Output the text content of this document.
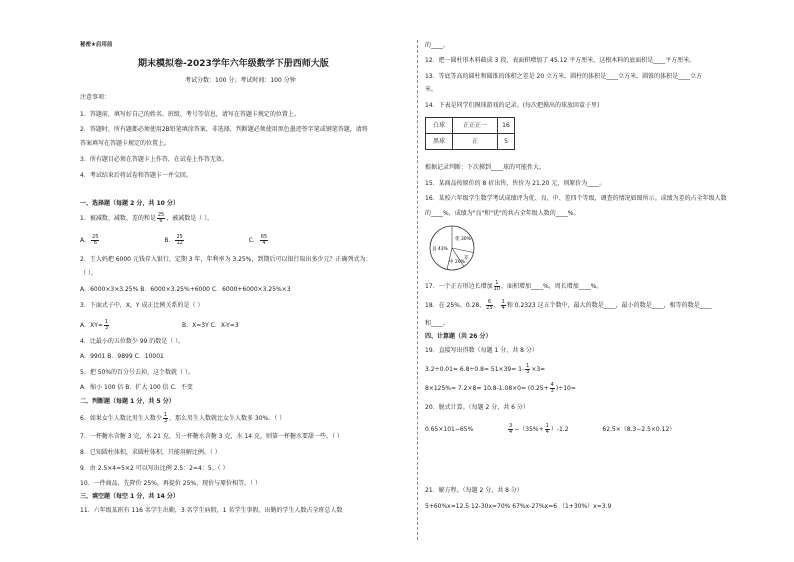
秘密★启用前
期末模拟卷-2023学年六年级数学下册西师大版
考试分数：100 分；考试时间：100 分钟
注意事项：
1．答题前，填写好自己的姓名、班级、考号等信息，请写在答题卡规定的位置上。
2．答题时，所有题都必须使用2B铅笔填涂答案，非选择，判断题必须使用黑色墨迹签字笔或钢笔答题，请将
答案填写在答题卡规定的位置上。
3．所有题目必须在答题卡上作答，在试卷上作答无效。
4．考试结束后将试卷和答题卡一并交回。
一、选择题（每题 2 分，共 10 分）
1．被减数、减数、差的和是 $\frac{25}{6}$ ，被减数是（ ）。
A． $\frac{25}{6}$	B． $\frac{25}{12}$	C． $\frac{65}{4}$
2．王大妈把 6000 元钱存入银行，定期 3 年，年利率为 3.25%，到期后可以银行取出多少元？正确列式为：
（ ）。
A．6000×3×3.25% B．6000×3.25%+6000 C．6000+6000×3.25%×3
3．下面式子中，X，Y 成正比例关系的是（ ）
A．$XY= \frac{1}{3}$	B．X=3Y C．X-Y=3
4．比最小的五位数少 99 的数是（ ）。
A．9901 B．9899 C．10001
5．把 50%的百分号去掉，这个数就（ ）。
A．缩小 100 倍 B．扩大 100 倍 C．不变
二、判断题（每题 1 分，共 5 分）
6．如果女生人数比男生人数少 $\frac{1}{3}$ ，那么男生人数就比女生人数多 30%。（ ）
7．一杯糖水含糖 3 克，水 21 克，另一杯糖水含糖 3 克，水 14 克，则第一杯糖水要甜一些。（ ）
8．已知圆柱体积，求圆柱体积，只能用解比例。（ ）
9．由 2.5×4=5×2 可以写出比例 2.5：2=4：5。（ ）
10．一件商品，先降价 25%，再提价 25%，现价与原价相等。（ ）
三、填空题（每空 1 分，共 14 分）
11．六年级某班有 116 名学生出勤，3 名学生病假，1 名学生事假。出勤的学生人数占全班总人数
的____。
12．把一圆柱形木料截成 3 段，表面积增加了 45.12 平方厘米，这根木料的底面积是____平方厘米。
13．等底等高的圆柱和圆锥的体积之差是 20 立方米，圆柱的体积是____立方米，圆锥的体积是____立方
米。
14．下表是同学们摸球游戏的记录。(每次把摸出的球放回盒子里)
白球	正正正一	16
黑球	正	5
根据记录判断：下次摸到____球的可能性大。
15．某商品按原价的 8 折出售，售价为 21.20 元，则原价为____。
16．某校六年级学生数学考试成绩评为优、良、中、差四个等级，调查的情况如图所示。成绩为差的占全年级人数
的____%，成绩为"良"和"优"的共占全年级人数的____%。
优 30%
良 43%
中 20%
差
17．一个正方形边长增加 $\frac{1}{10}$ ，面积增加____%，周长增加____%。
18．在 25%、0.28、 $\frac{6}{25}$ 、 $\frac{1}{4}$ 和 0.2323 这五个数中，最大的数是____，最小的数是____，相等的数是____
和____。
四、计算题（共 26 分）
19．直接写出得数（每题 1 分，共 8 分）
$3.2\div 0.01= 6.8\div 0.8= 51\times 39= 1- \frac{1}{3} \times 3=$
$8\times 125\%= 7.2\times 8= 10.8-1.08\times 0= (0.25+ \frac{4}{3} )\div 10=$
20．脱式计算。（每题 2 分，共 6 分）
0.65×101−65%	$\frac{3}{4} -(35\%+ \frac{1}{4} )-1.2$	62.5×（8.3−2.5×0.12）
21．解方程。（每题 2 分，共 8 分）
5+60%x=12.5 12-30x=70% 67%x-27%x=6 （1+30%）x=3.9
